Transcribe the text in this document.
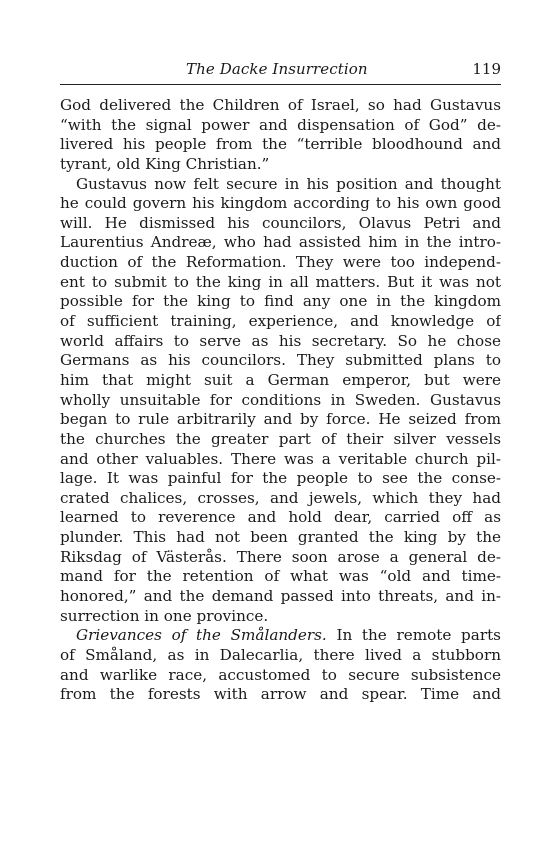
The Dacke Insurrection	119
God delivered the Children of Israel, so had Gustavus
“with the signal power and dispensation of God” de-
livered his people from the “terrible bloodhound and
tyrant, old King Christian.”
Gustavus now felt secure in his position and thought
he could govern his kingdom according to his own good
will. He dismissed his councilors, Olavus Petri and
Laurentius Andreæ, who had assisted him in the intro-
duction of the Reformation. They were too independ-
ent to submit to the king in all matters. But it was not
possible for the king to find any one in the kingdom
of sufficient training, experience, and knowledge of
world affairs to serve as his secretary. So he chose
Germans as his councilors. They submitted plans to
him that might suit a German emperor, but were
wholly unsuitable for conditions in Sweden. Gustavus
began to rule arbitrarily and by force. He seized from
the churches the greater part of their silver vessels
and other valuables. There was a veritable church pil-
lage. It was painful for the people to see the conse-
crated chalices, crosses, and jewels, which they had
learned to reverence and hold dear, carried off as
plunder. This had not been granted the king by the
Riksdag of Västerås. There soon arose a general de-
mand for the retention of what was “old and time-
honored,” and the demand passed into threats, and in-
surrection in one province.
Grievances of the Smålanders. In the remote parts
of Småland, as in Dalecarlia, there lived a stubborn
and warlike race, accustomed to secure subsistence
from the forests with arrow and spear. Time and
